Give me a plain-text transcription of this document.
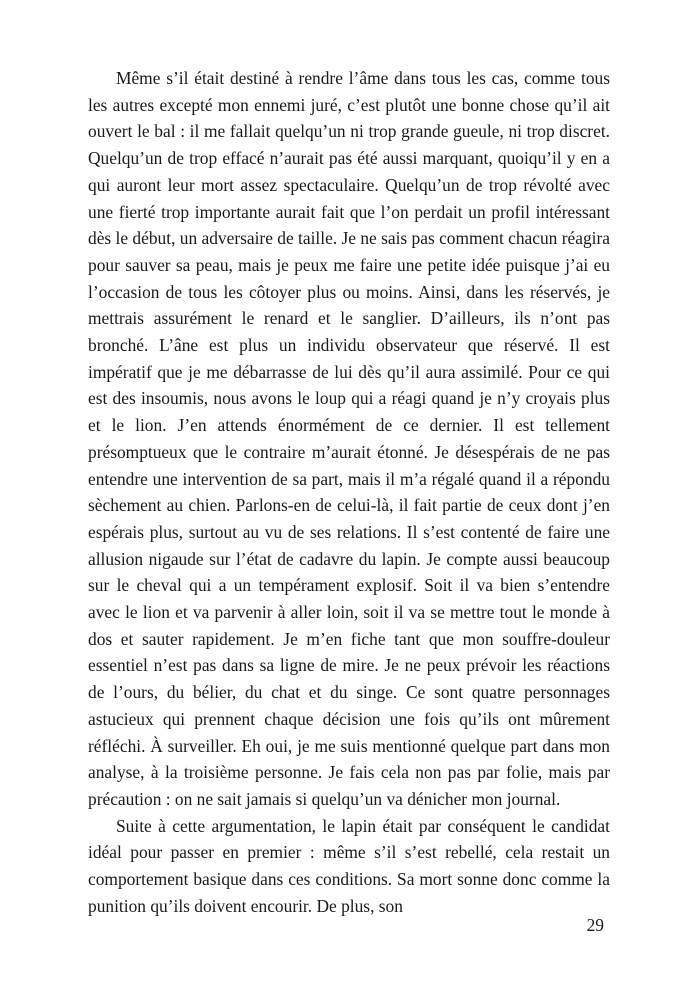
Même s’il était destiné à rendre l’âme dans tous les cas, comme tous les autres excepté mon ennemi juré, c’est plutôt une bonne chose qu’il ait ouvert le bal : il me fallait quelqu’un ni trop grande gueule, ni trop discret. Quelqu’un de trop effacé n’aurait pas été aussi marquant, quoiqu’il y en a qui auront leur mort assez spectaculaire. Quelqu’un de trop révolté avec une fierté trop importante aurait fait que l’on perdait un profil intéressant dès le début, un adversaire de taille. Je ne sais pas comment chacun réagira pour sauver sa peau, mais je peux me faire une petite idée puisque j’ai eu l’occasion de tous les côtoyer plus ou moins. Ainsi, dans les réservés, je mettrais assurément le renard et le sanglier. D’ailleurs, ils n’ont pas bronché. L’âne est plus un individu observateur que réservé. Il est impératif que je me débarrasse de lui dès qu’il aura assimilé. Pour ce qui est des insoumis, nous avons le loup qui a réagi quand je n’y croyais plus et le lion. J’en attends énormément de ce dernier. Il est tellement présomptueux que le contraire m’aurait étonné. Je désespérais de ne pas entendre une intervention de sa part, mais il m’a régalé quand il a répondu sèchement au chien. Parlons-en de celui-là, il fait partie de ceux dont j’en espérais plus, surtout au vu de ses relations. Il s’est contenté de faire une allusion nigaude sur l’état de cadavre du lapin. Je compte aussi beaucoup sur le cheval qui a un tempérament explosif. Soit il va bien s’entendre avec le lion et va parvenir à aller loin, soit il va se mettre tout le monde à dos et sauter rapidement. Je m’en fiche tant que mon souffre-douleur essentiel n’est pas dans sa ligne de mire. Je ne peux prévoir les réactions de l’ours, du bélier, du chat et du singe. Ce sont quatre personnages astucieux qui prennent chaque décision une fois qu’ils ont mûrement réfléchi. À surveiller. Eh oui, je me suis mentionné quelque part dans mon analyse, à la troisième personne. Je fais cela non pas par folie, mais par précaution : on ne sait jamais si quelqu’un va dénicher mon journal.

Suite à cette argumentation, le lapin était par conséquent le candidat idéal pour passer en premier : même s’il s’est rebellé, cela restait un comportement basique dans ces conditions. Sa mort sonne donc comme la punition qu’ils doivent encourir. De plus, son

29
